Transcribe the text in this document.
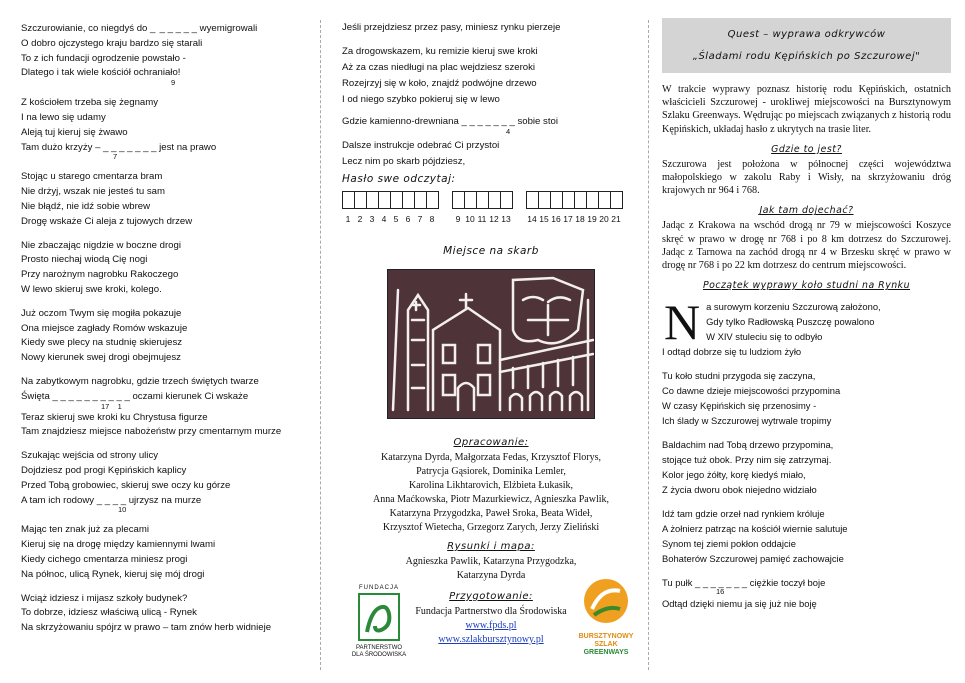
Szczurowianie, co niegdyś do _  _ _ _ _ _ wyemigrowali
O dobro ojczystego kraju bardzo się starali
To z ich fundacji ogrodzenie powstało -
Dlatego i tak wiele kościół ochraniało!
9
Z kościołem trzeba się żegnamy
I na lewo się udamy
Aleją tuj kieruj się żwawo
Tam dużo krzyży – _ _ _ _ _ _ _ jest na prawo
7
Stojąc u starego cmentarza bram
Nie drżyj, wszak nie jesteś tu sam
Nie błądź, nie idź sobie wbrew
Drogę wskaże Ci aleja z tujowych drzew
Nie zbaczając nigdzie w boczne drogi
Prosto niechaj wiodą Cię nogi
Przy narożnym nagrobku Rakoczego
W lewo skieruj swe kroki, kolego.
Już oczom Twym się mogiła pokazuje
Ona miejsce zagłady Romów wskazuje
Kiedy swe plecy na studnię skierujesz
Nowy kierunek swej drogi obejmujesz
Na zabytkowym nagrobku, gdzie trzech świętych twarze
Święta _ _ _ _ _ _ _ _ _ _ oczami kierunek Ci wskaże
17    1
Teraz skieruj swe kroki ku Chrystusa figurze
Tam znajdziesz miejsce nabożeństw przy cmentarnym murze
Szukając wejścia od strony ulicy
Dojdziesz pod progi Kępińskich kaplicy
Przed Tobą grobowiec, skieruj swe oczy ku górze
A tam ich rodowy _ _ _ _ ujrzysz na murze
10
Mając ten znak już za plecami
Kieruj się na drogę między kamiennymi lwami
Kiedy cichego cmentarza miniesz progi
Na północ, ulicą Rynek, kieruj się mój drogi
Wciąż idziesz i mijasz szkoły budynek?
To dobrze, idziesz właściwą ulicą - Rynek
Na skrzyżowaniu spójrz w prawo – tam znów herb widnieje
Jeśli przejdziesz przez pasy, miniesz rynku pierzeje
Za drogowskazem, ku remizie kieruj swe kroki
Aż za czas niedługi na plac wejdziesz szeroki
Rozejrzyj się w koło, znajdź podwójne drzewo
I od niego szybko pokieruj się w lewo
Gdzie kamienno-drewniana _ _ _ _ _ _ _ sobie stoi
4
Dalsze instrukcje odebrać Ci przystoi
Lecz nim po skarb pójdziesz,
Hasło swe odczytaj:
1 2 3 4 5 6 7 8	9 10 11 12 13 14 15 16 17 18 19 20 21
Miejsce na skarb
Opracowanie:
Katarzyna Dyrda, Małgorzata Fedas, Krzysztof Florys,
Patrycja Gąsiorek, Dominika Lemler,
Karolina Likhtarovich, Elżbieta Łukasik,
Anna Maćkowska, Piotr Mazurkiewicz, Agnieszka Pawlik,
Katarzyna Przygodzka, Paweł Sroka, Beata Wideł,
Krzysztof Wietecha, Grzegorz Zarych, Jerzy Zieliński
Rysunki i mapa:
Agnieszka Pawlik, Katarzyna Przygodzka,
Katarzyna Dyrda
FUNDACJA
PARTNERSTWO
DLA ŚRODOWISKA
Przygotowanie:
Fundacja Partnerstwo dla Środowiska
www.fpds.pl
www.szlakbursztynowy.pl	BURSZTYNOWY
SZLAK
GREENWAYS
Quest – wyprawa odkrywców
„Śladami rodu Kępińskich po Szczurowej"
W trakcie wyprawy poznasz historię rodu Kępińskich, ostatnich właścicieli Szczurowej - urokliwej miejscowości na Bursztynowym Szlaku Greenways. Wędrując po miejscach związanych z historią rodu Kępińskich, układaj hasło z ukrytych na trasie liter.
Gdzie to jest?
Szczurowa jest położona w północnej części województwa małopolskiego w zakolu Raby i Wisły, na skrzyżowaniu dróg krajowych nr 964 i 768.
Jak tam dojechać?
Jadąc z Krakowa na wschód drogą nr 79 w miejscowości Koszyce skręć w prawo w drogę nr 768 i po 8 km dotrzesz do Szczurowej. Jadąc z Tarnowa na zachód drogą nr 4 w Brzesku skręć w prawo w drogę nr 768 i po 22 km dotrzesz do centrum miejscowości.
Początek wyprawy koło studni na Rynku
N a surowym korzeniu Szczurową założono,
Gdy tylko Radłowską Puszczę powalono
W XIV stuleciu się to odbyło
I odtąd dobrze się tu ludziom żyło
Tu koło studni przygoda się zaczyna,
Co dawne dzieje miejscowości przypomina
W czasy Kępińskich się przenosimy -
Ich ślady w Szczurowej wytrwale tropimy
Baldachim nad Tobą drzewo przypomina,
stojące tuż obok. Przy nim się zatrzymaj.
Kolor jego żółty, korę kiedyś miało,
Z życia dworu obok niejedno widziało
Idź tam gdzie orzeł nad rynkiem króluje
A żołnierz patrząc na kościół wiernie salutuje
Synom tej ziemi pokłon oddajcie
Bohaterów Szczurowej pamięć zachowajcie
Tu pułk _ _ _ _ _ _ _ ciężkie toczył boje
16
Odtąd dzięki niemu ja się już nie boję
